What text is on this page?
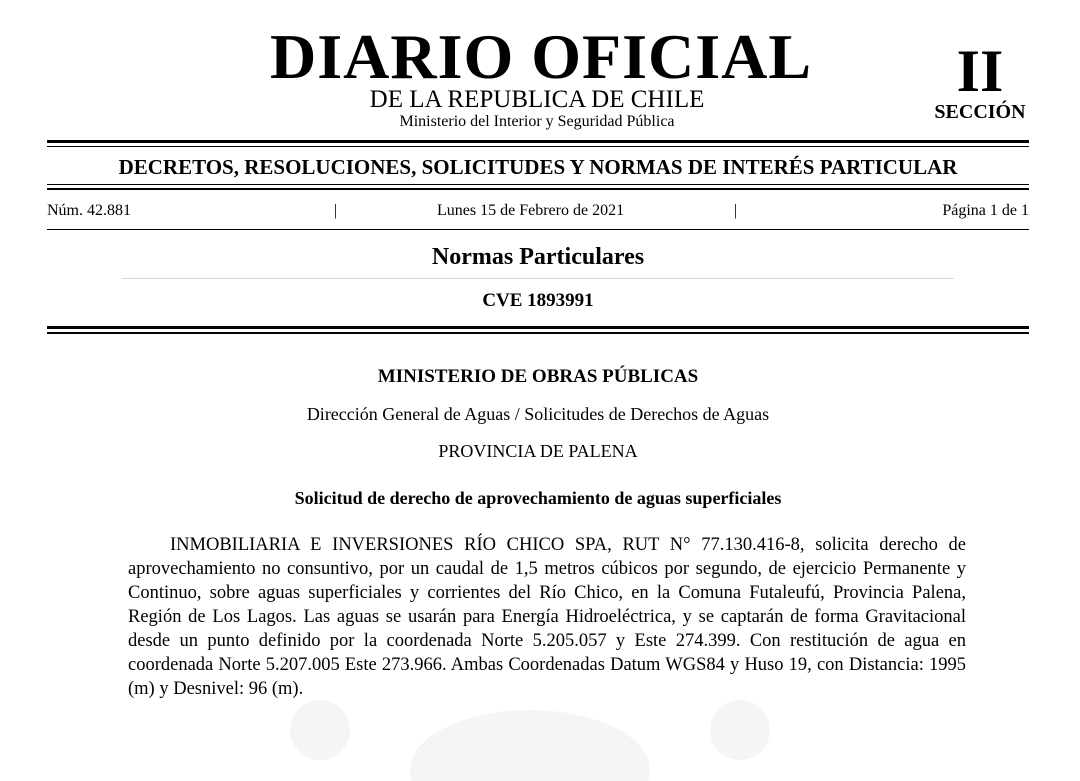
DIARIO OFICIAL
DE LA REPUBLICA DE CHILE
Ministerio del Interior y Seguridad Pública
II
SECCIÓN
DECRETOS, RESOLUCIONES, SOLICITUDES Y NORMAS DE INTERÉS PARTICULAR
Núm. 42.881	|	Lunes 15 de Febrero de 2021	|	Página 1 de 1
Normas Particulares
CVE 1893991
MINISTERIO DE OBRAS PÚBLICAS
Dirección General de Aguas / Solicitudes de Derechos de Aguas
PROVINCIA DE PALENA
Solicitud de derecho de aprovechamiento de aguas superficiales
INMOBILIARIA E INVERSIONES RÍO CHICO SPA, RUT N° 77.130.416-8, solicita derecho de aprovechamiento no consuntivo, por un caudal de 1,5 metros cúbicos por segundo, de ejercicio Permanente y Continuo, sobre aguas superficiales y corrientes del Río Chico, en la Comuna Futaleufú, Provincia Palena, Región de Los Lagos. Las aguas se usarán para Energía Hidroeléctrica, y se captarán de forma Gravitacional desde un punto definido por la coordenada Norte 5.205.057 y Este 274.399. Con restitución de agua en coordenada Norte 5.207.005 Este 273.966. Ambas Coordenadas Datum WGS84 y Huso 19, con Distancia: 1995 (m) y Desnivel: 96 (m).
